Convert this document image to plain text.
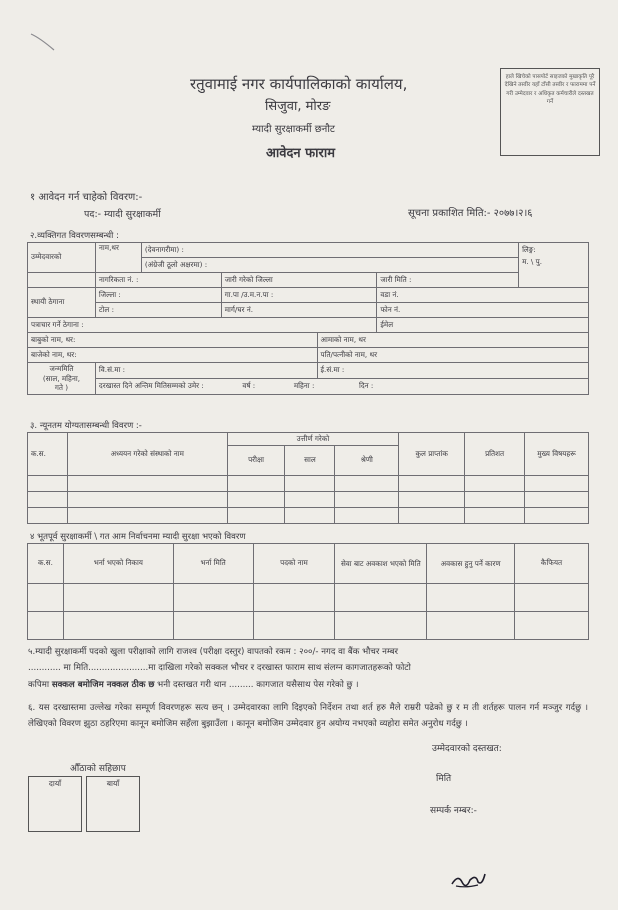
रतुवामाई नगर कार्यपालिकाको कार्यालय,
सिजुवा, मोरङ
म्यादी सुरक्षाकर्मी छनौट
आवेदन फाराम
हाले खिचेको पासपोर्ट साइजको मुखाकृति पूरै देखिने तस्वीर यहाँ टाँसी तस्वीर र फाराममा पर्ने गरी उम्मेदवार र अधिकृत कर्मचारीले दस्तखत गर्ने
१ आवेदन गर्न चाहेको विवरण:-
पद:- म्यादी सुरक्षाकर्मी	सूचना प्रकाशित मिति:- २०७७।२।६
२.व्यक्तिगत विवरणसम्बन्धी :
उम्मेदवारको	नाम,थर	(देवनागरीमा) :				लिङ्ग:
म. \ पु.
		(अंग्रेजी ठूलो अक्षरमा) :				
	नागरिकता नं. :		जारी गरेको जिल्ला		जारी मिति :	
स्थायी ठेगाना	जिल्ला :		गा.पा /उ.म.न.पा :		वडा नं.	
	टोल :		मार्ग/घर नं.		फोन नं.	
पत्राचार गर्ने ठेगाना :					ईमेल	
बाबुको नाम, थर:				आमाको नाम, थर		
बाजेको नाम, थर:				पति/पत्नीको नाम, थर		
जन्ममिति
(साल, महिना,
गते )	वि.सं.मा :			ई.सं.मा :		
	दरखास्त दिने अन्तिम मितिसम्मको उमेर : वर्ष : महिना : दिन :					
३. न्यूनतम योग्यतासम्बन्धी विवरण :-
क.स.	अध्ययन गरेको संस्थाको नाम	उत्तीर्ण गरेको			कुल प्राप्तांक	प्रतिशत	मुख्य विषयहरू
		परीक्षा	साल	श्रेणी			

४ भूतपूर्व सुरक्षाकर्मी \ गत आम निर्वाचनमा म्यादी सुरक्षा भएको विवरण
क.स.	भर्ना भएको निकाय	भर्ना मिति	पदको नाम	सेवा बाट अवकाश भएको मिति	अवकास हुनु पर्ने कारण	कैफियत

५.म्यादी सुरक्षाकर्मी पदको खुला परीक्षाको लागि राजश्व (परीक्षा दस्तुर) वापतको रकम : २००/- नगद वा बैंक भौचर नम्बर
............ मा मिति......................मा दाखिला गरेको सक्कल भौचर र दरखास्त फाराम साथ संलग्न कागजातहरूको फोटो
कपिमा सक्कल बमोजिम नक्कल ठीक छ भनी दस्तखत गरी थान ......... कागजात यसैसाथ पेस गरेको छु ।
६. यस दरखास्तमा उल्लेख गरेका सम्पूर्ण विवरणहरू सत्य छन् । उम्मेदवारका लागि दिइएको निर्देशन तथा शर्त हरु मैले राम्ररी पढेको छु र म ती शर्तहरू पालन गर्न मञ्जुर गर्दछु । लेखिएको विवरण झुठा ठहरिएमा कानून बमोजिम सहँला बुझाउँला । कानून बमोजिम उम्मेदवार हुन अयोग्य नभएको व्यहोरा समेत अनुरोध गर्दछु ।
औँठाको सहिछाप
दायाँ	बायाँ
उम्मेदवारको दस्तखत:
मिति
सम्पर्क नम्बर:-
